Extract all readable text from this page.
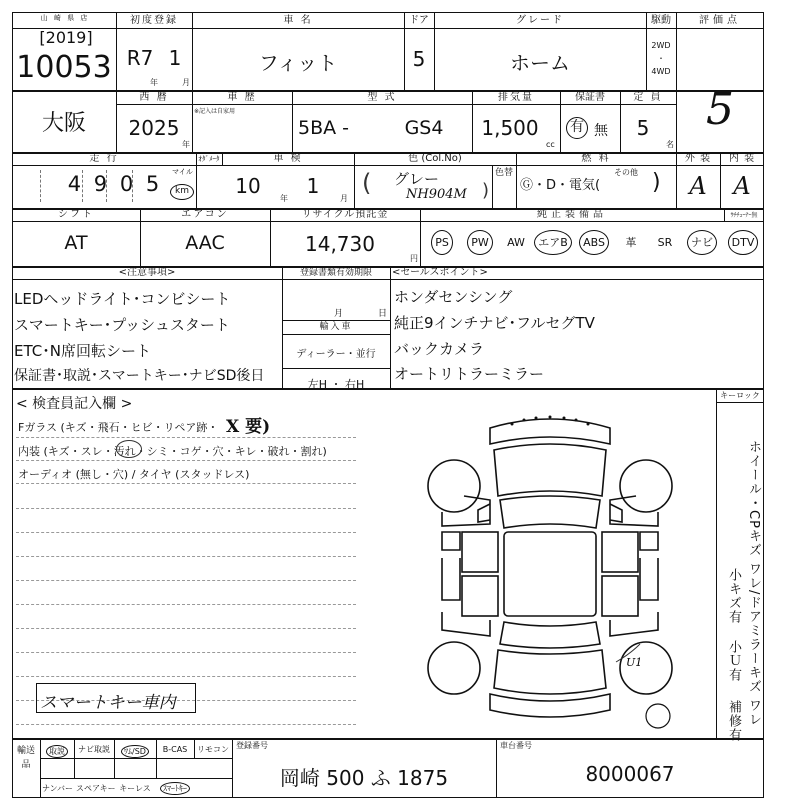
山 崎 県 店
[2019]
10053
初度登録
R7 1
年	月
車 名
フィット
ドア
5
グレード
ホーム
駆動
2WD
・
4WD
評価点
5
大阪
西 暦
2025
年
車 歴
※記入は自家用
型 式
5BA -	GS4
排気量
1,500
cc
保証書
有 無
定 員
5
名
走 行
4 9 0 5	マイル
km
ｵﾀﾞﾒｰﾀ	車 検
10
年
1
月
色 (Col.No)
グレー
NH904M
(	)
色替
燃 料
Ⓖ・D・電気(
その他 )
外 装
A
内 装
A
シフト
AT
エアコン
AAC
リサイクル預託金
14,730
円
純正装備品	ｳﾁﾁｭｰﾅｰ無
PS	PW	AW	エアB	ABS	革	SR	ナビ	DTV
<注意事項>
LEDヘッドライト･コンビシート
スマートキー･プッシュスタート
ETC･N席回転シート
保証書･取説･スマートキー･ナビSD後日
登録書類有効期限
月	日
輸入車
ディーラー・並行
左H ・ 右H
<セールスポイント>
ホンダセンシング
純正9インチナビ･フルセグTV
バックカメラ
オートリトラーミラー
< 検査員記入欄 >
Fガラス (キズ・飛石・ヒビ・リペア跡・ X 要)
内装 (キズ・スレ・汚れ・シミ・コゲ・穴・キレ・破れ・割れ)
オーディオ (無し・穴) / タイヤ (スタッドレス)
スマートキー車内
キーロック
ホイール・CPキズ ワレ/ドアミラーキズ ワレ
小キズ有
小Ｕ有
補修有
U1
輸送品
取説	ナビ取説	ﾜﾑ/SD	B-CAS	リモコン
ナンバー スペアキー キーレス	ｽﾏｰﾄｷｰ
登録番号
岡崎 500 ふ 1875
車台番号
8000067
